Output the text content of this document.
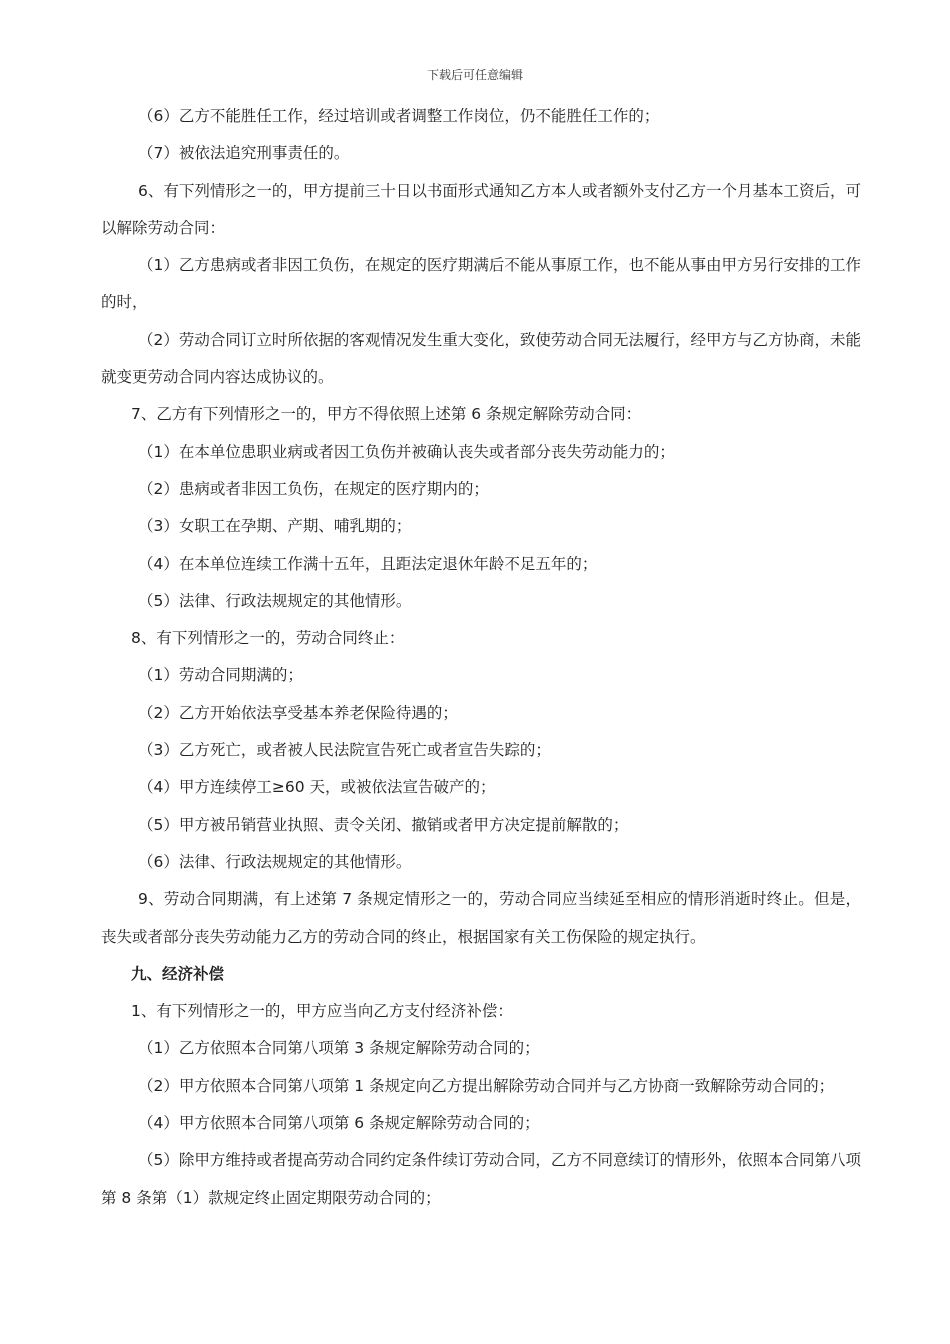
下载后可任意编辑

（6）乙方不能胜任工作，经过培训或者调整工作岗位，仍不能胜任工作的；

（7）被依法追究刑事责任的。

6、有下列情形之一的，甲方提前三十日以书面形式通知乙方本人或者额外支付乙方一个月基本工资后，可以解除劳动合同：

（1）乙方患病或者非因工负伤，在规定的医疗期满后不能从事原工作，也不能从事由甲方另行安排的工作的时，

（2）劳动合同订立时所依据的客观情况发生重大变化，致使劳动合同无法履行，经甲方与乙方协商，未能就变更劳动合同内容达成协议的。

7、乙方有下列情形之一的，甲方不得依照上述第 6 条规定解除劳动合同：

（1）在本单位患职业病或者因工负伤并被确认丧失或者部分丧失劳动能力的；

（2）患病或者非因工负伤，在规定的医疗期内的；

（3）女职工在孕期、产期、哺乳期的；

（4）在本单位连续工作满十五年，且距法定退休年龄不足五年的；

（5）法律、行政法规规定的其他情形。

8、有下列情形之一的，劳动合同终止：

（1）劳动合同期满的；

（2）乙方开始依法享受基本养老保险待遇的；

（3）乙方死亡，或者被人民法院宣告死亡或者宣告失踪的；

（4）甲方连续停工≥60 天，或被依法宣告破产的；

（5）甲方被吊销营业执照、责令关闭、撤销或者甲方决定提前解散的；

（6）法律、行政法规规定的其他情形。

9、劳动合同期满，有上述第 7 条规定情形之一的，劳动合同应当续延至相应的情形消逝时终止。但是，丧失或者部分丧失劳动能力乙方的劳动合同的终止，根据国家有关工伤保险的规定执行。

九、经济补偿

1、有下列情形之一的，甲方应当向乙方支付经济补偿：

（1）乙方依照本合同第八项第 3 条规定解除劳动合同的；

（2）甲方依照本合同第八项第 1 条规定向乙方提出解除劳动合同并与乙方协商一致解除劳动合同的；

（4）甲方依照本合同第八项第 6 条规定解除劳动合同的；

（5）除甲方维持或者提高劳动合同约定条件续订劳动合同，乙方不同意续订的情形外，依照本合同第八项第 8 条第（1）款规定终止固定期限劳动合同的；
